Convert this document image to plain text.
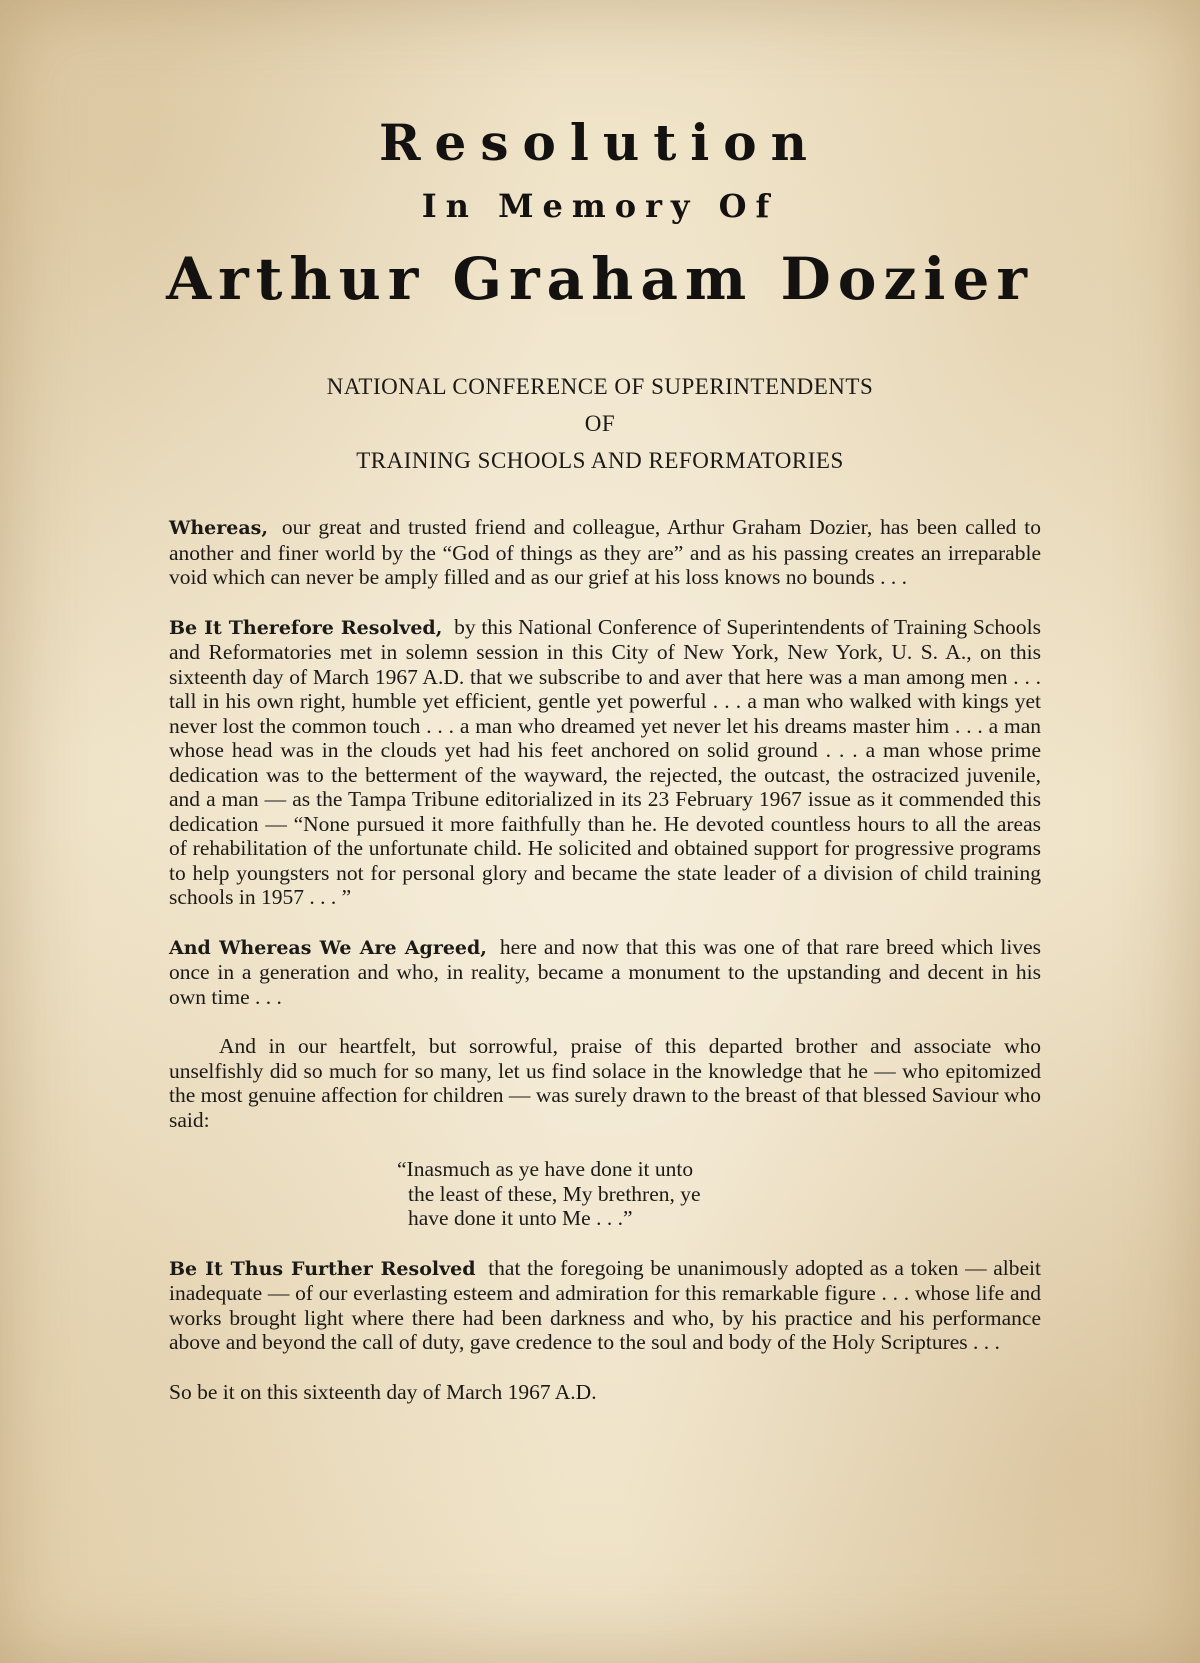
Resolution
In Memory Of
Arthur Graham Dozier
NATIONAL CONFERENCE OF SUPERINTENDENTS
OF
TRAINING SCHOOLS AND REFORMATORIES

Whereas, our great and trusted friend and colleague, Arthur Graham Dozier, has been called to another and finer world by the “God of things as they are” and as his passing creates an irreparable void which can never be amply filled and as our grief at his loss knows no bounds . . .

Be It Therefore Resolved, by this National Conference of Superintendents of Training Schools and Reformatories met in solemn session in this City of New York, New York, U. S. A., on this sixteenth day of March 1967 A.D. that we subscribe to and aver that here was a man among men . . . tall in his own right, humble yet efficient, gentle yet powerful . . . a man who walked with kings yet never lost the common touch . . . a man who dreamed yet never let his dreams master him . . . a man whose head was in the clouds yet had his feet anchored on solid ground . . . a man whose prime dedication was to the betterment of the wayward, the rejected, the outcast, the ostracized juvenile, and a man — as the Tampa Tribune editorialized in its 23 February 1967 issue as it commended this dedication — “None pursued it more faithfully than he. He devoted countless hours to all the areas of rehabilitation of the unfortunate child. He solicited and obtained support for progressive programs to help youngsters not for personal glory and became the state leader of a division of child training schools in 1957 . . . ”

And Whereas We Are Agreed, here and now that this was one of that rare breed which lives once in a generation and who, in reality, became a monument to the upstanding and decent in his own time . . .

And in our heartfelt, but sorrowful, praise of this departed brother and associate who unselfishly did so much for so many, let us find solace in the knowledge that he — who epitomized the most genuine affection for children — was surely drawn to the breast of that blessed Saviour who said:

“Inasmuch as ye have done it unto
the least of these, My brethren, ye
have done it unto Me . . .”

Be It Thus Further Resolved that the foregoing be unanimously adopted as a token — albeit inadequate — of our everlasting esteem and admiration for this remarkable figure . . . whose life and works brought light where there had been darkness and who, by his practice and his performance above and beyond the call of duty, gave credence to the soul and body of the Holy Scriptures . . .

So be it on this sixteenth day of March 1967 A.D.
